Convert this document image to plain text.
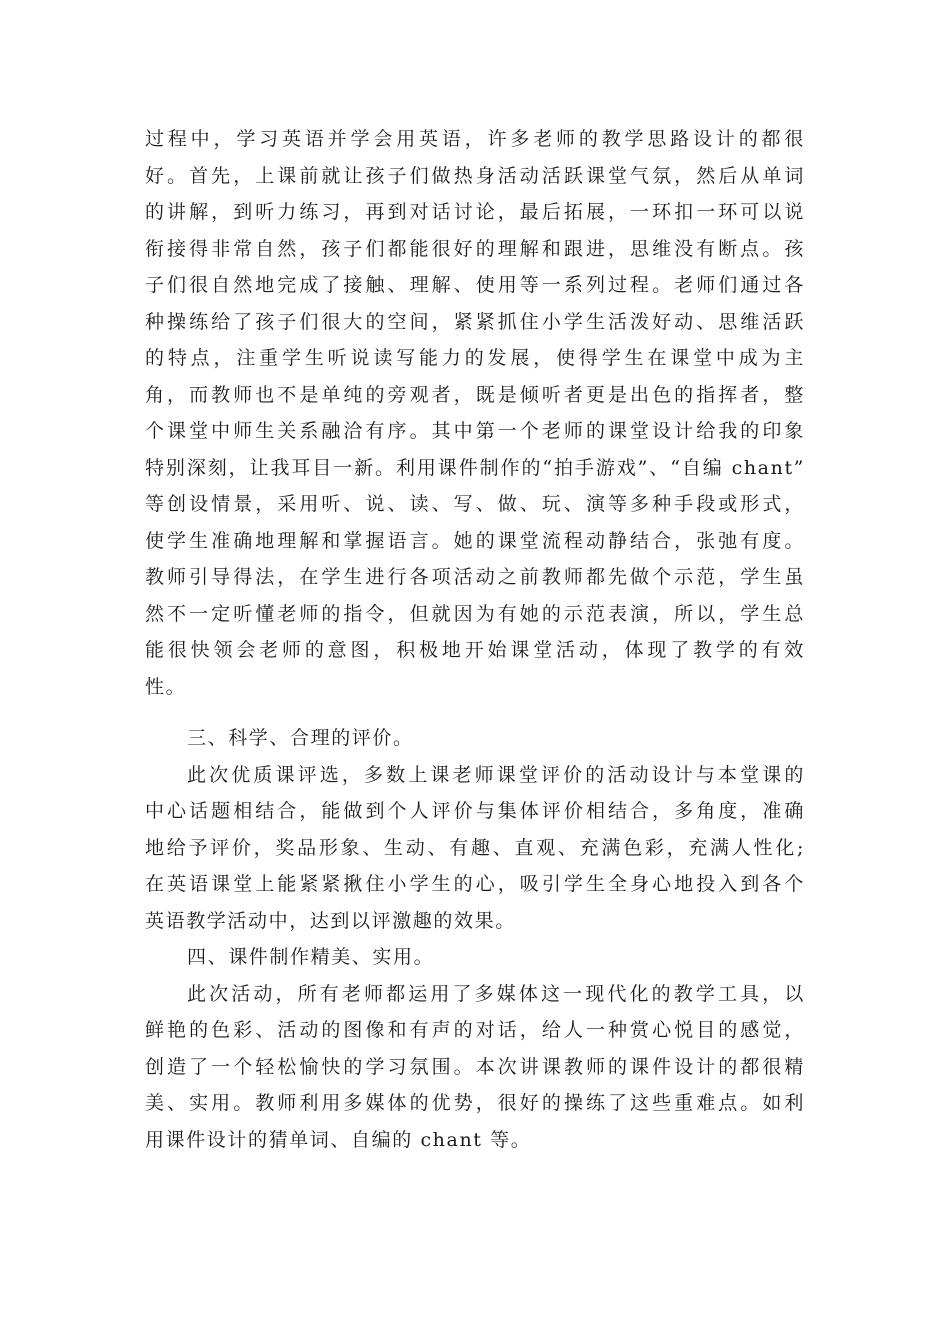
过程中，学习英语并学会用英语，许多老师的教学思路设计的都很
好。首先，上课前就让孩子们做热身活动活跃课堂气氛，然后从单词
的讲解，到听力练习，再到对话讨论，最后拓展，一环扣一环可以说
衔接得非常自然，孩子们都能很好的理解和跟进，思维没有断点。孩
子们很自然地完成了接触、理解、使用等一系列过程。老师们通过各
种操练给了孩子们很大的空间，紧紧抓住小学生活泼好动、思维活跃
的特点，注重学生听说读写能力的发展，使得学生在课堂中成为主
角，而教师也不是单纯的旁观者，既是倾听者更是出色的指挥者，整
个课堂中师生关系融洽有序。其中第一个老师的课堂设计给我的印象
特别深刻，让我耳目一新。利用课件制作的“拍手游戏”、“自编 chant”
等创设情景，采用听、说、读、写、做、玩、演等多种手段或形式，
使学生准确地理解和掌握语言。她的课堂流程动静结合，张弛有度。
教师引导得法，在学生进行各项活动之前教师都先做个示范，学生虽
然不一定听懂老师的指令，但就因为有她的示范表演，所以，学生总
能很快领会老师的意图，积极地开始课堂活动，体现了教学的有效
性。
三、科学、合理的评价。
此次优质课评选，多数上课老师课堂评价的活动设计与本堂课的
中心话题相结合，能做到个人评价与集体评价相结合，多角度，准确
地给予评价，奖品形象、生动、有趣、直观、充满色彩，充满人性化;
在英语课堂上能紧紧揪住小学生的心，吸引学生全身心地投入到各个
英语教学活动中，达到以评激趣的效果。
四、课件制作精美、实用。
此次活动，所有老师都运用了多媒体这一现代化的教学工具，以
鲜艳的色彩、活动的图像和有声的对话，给人一种赏心悦目的感觉，
创造了一个轻松愉快的学习氛围。本次讲课教师的课件设计的都很精
美、实用。教师利用多媒体的优势，很好的操练了这些重难点。如利
用课件设计的猜单词、自编的 chant 等。
